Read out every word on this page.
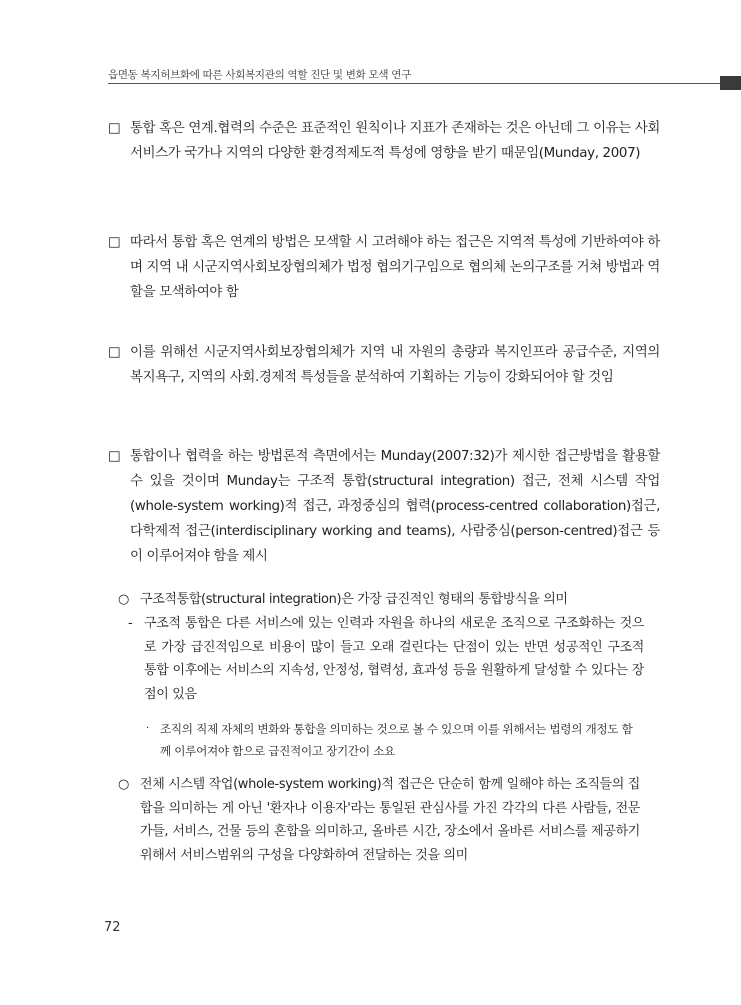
읍면동 복지허브화에 따른 사회복지관의 역할 진단 및 변화 모색 연구
□ 통합 혹은 연계.협력의 수준은 표준적인 원칙이나 지표가 존재하는 것은 아닌데 그 이유는 사회서비스가 국가나 지역의 다양한 환경적제도적 특성에 영향을 받기 때문임(Munday, 2007)
□ 따라서 통합 혹은 연계의 방법은 모색할 시 고려해야 하는 접근은 지역적 특성에 기반하여야 하며 지역 내 시군지역사회보장협의체가 법정 협의기구임으로 협의체 논의구조를 거쳐 방법과 역할을 모색하여야 함
□ 이를 위해선 시군지역사회보장협의체가 지역 내 자원의 총량과 복지인프라 공급수준, 지역의 복지욕구, 지역의 사회.경제적 특성들을 분석하여 기획하는 기능이 강화되어야 할 것임
□ 통합이나 협력을 하는 방법론적 측면에서는 Munday(2007:32)가 제시한 접근방법을 활용할 수 있을 것이며 Munday는 구조적 통합(structural integration) 접근, 전체 시스템 작업(whole-system working)적 접근, 과정중심의 협력(process-centred collaboration)접근, 다학제적 접근(interdisciplinary working and teams), 사람중심(person-centred)접근 등이 이루어져야 함을 제시
○ 구조적통합(structural integration)은 가장 급진적인 형태의 통합방식을 의미
- 구조적 통합은 다른 서비스에 있는 인력과 자원을 하나의 새로운 조직으로 구조화하는 것으로 가장 급진적임으로 비용이 많이 들고 오래 걸린다는 단점이 있는 반면 성공적인 구조적 통합 이후에는 서비스의 지속성, 안정성, 협력성, 효과성 등을 원활하게 달성할 수 있다는 장점이 있음
· 조직의 직제 자체의 변화와 통합을 의미하는 것으로 볼 수 있으며 이를 위해서는 법령의 개정도 함께 이루어져야 함으로 급진적이고 장기간이 소요
○ 전체 시스템 작업(whole-system working)적 접근은 단순히 함께 일해야 하는 조직들의 집합을 의미하는 게 아닌 '환자나 이용자'라는 통일된 관심사를 가진 각각의 다른 사람들, 전문가들, 서비스, 건물 등의 혼합을 의미하고, 올바른 시간, 장소에서 올바른 서비스를 제공하기 위해서 서비스범위의 구성을 다양화하여 전달하는 것을 의미
72
